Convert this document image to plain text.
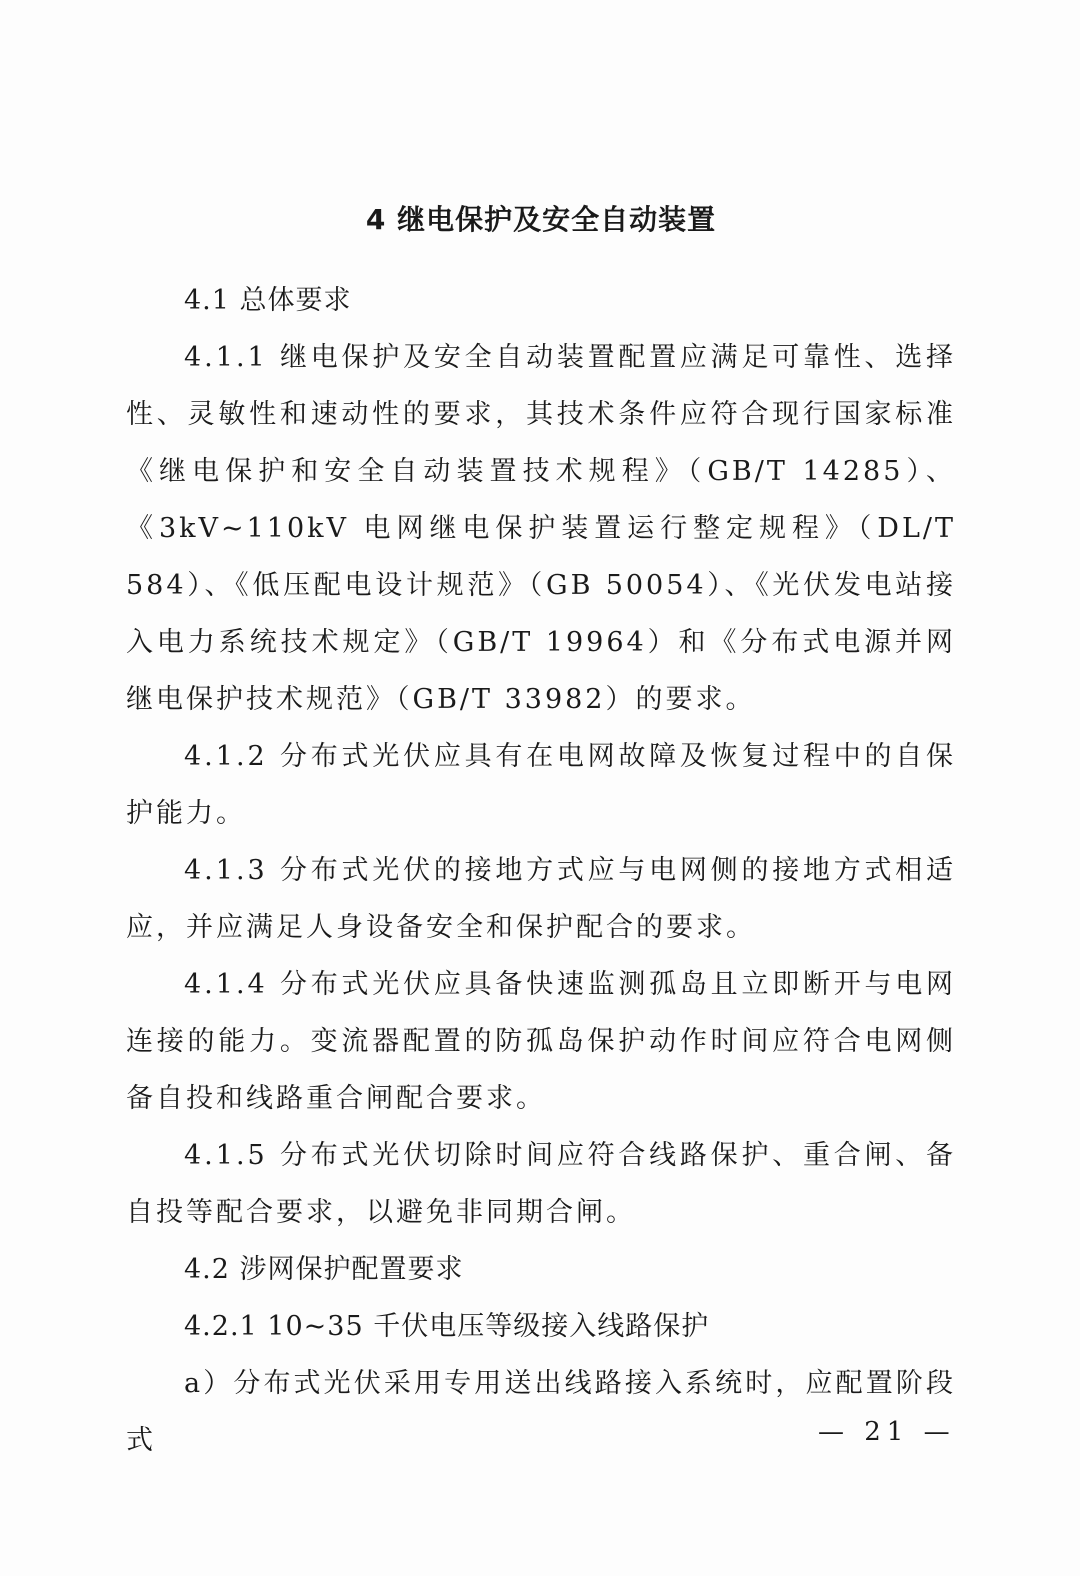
4 继电保护及安全自动装置

4.1 总体要求

4.1.1 继电保护及安全自动装置配置应满足可靠性、选择性、灵敏性和速动性的要求，其技术条件应符合现行国家标准《继电保护和安全自动装置技术规程》（GB/T 14285）、《3kV~110kV 电网继电保护装置运行整定规程》（DL/T 584）、《低压配电设计规范》（GB 50054）、《光伏发电站接入电力系统技术规定》（GB/T 19964）和《分布式电源并网继电保护技术规范》（GB/T 33982）的要求。

4.1.2 分布式光伏应具有在电网故障及恢复过程中的自保护能力。

4.1.3 分布式光伏的接地方式应与电网侧的接地方式相适应，并应满足人身设备安全和保护配合的要求。

4.1.4 分布式光伏应具备快速监测孤岛且立即断开与电网连接的能力。变流器配置的防孤岛保护动作时间应符合电网侧备自投和线路重合闸配合要求。

4.1.5 分布式光伏切除时间应符合线路保护、重合闸、备自投等配合要求，以避免非同期合闸。

4.2 涉网保护配置要求

4.2.1 10~35 千伏电压等级接入线路保护

a）分布式光伏采用专用送出线路接入系统时，应配置阶段式	— 21 —
